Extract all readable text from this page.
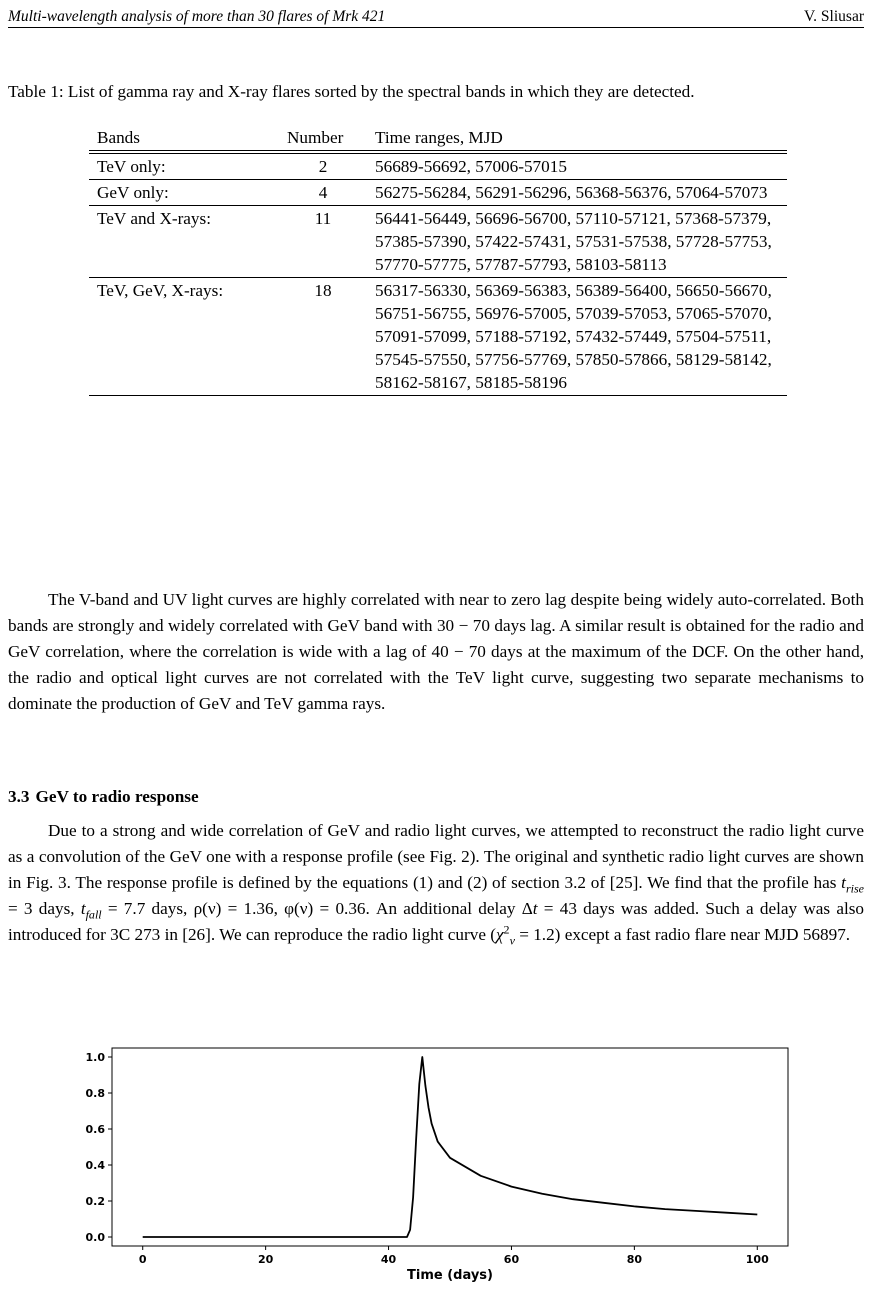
Multi-wavelength analysis of more than 30 flares of Mrk 421	V. Sliusar
Table 1: List of gamma ray and X-ray flares sorted by the spectral bands in which they are detected.
Bands	Number	Time ranges, MJD
TeV only:	2	56689-56692, 57006-57015
GeV only:	4	56275-56284, 56291-56296, 56368-56376, 57064-57073
TeV and X-rays:	11	56441-56449, 56696-56700, 57110-57121, 57368-57379, 57385-57390, 57422-57431, 57531-57538, 57728-57753, 57770-57775, 57787-57793, 58103-58113
TeV, GeV, X-rays:	18	56317-56330, 56369-56383, 56389-56400, 56650-56670, 56751-56755, 56976-57005, 57039-57053, 57065-57070, 57091-57099, 57188-57192, 57432-57449, 57504-57511, 57545-57550, 57756-57769, 57850-57866, 58129-58142, 58162-58167, 58185-58196

The V-band and UV light curves are highly correlated with near to zero lag despite being widely auto-correlated. Both bands are strongly and widely correlated with GeV band with 30 − 70 days lag. A similar result is obtained for the radio and GeV correlation, where the correlation is wide with a lag of 40 − 70 days at the maximum of the DCF. On the other hand, the radio and optical light curves are not correlated with the TeV light curve, suggesting two separate mechanisms to dominate the production of GeV and TeV gamma rays.

3.3 GeV to radio response

Due to a strong and wide correlation of GeV and radio light curves, we attempted to reconstruct the radio light curve as a convolution of the GeV one with a response profile (see Fig. 2). The original and synthetic radio light curves are shown in Fig. 3. The response profile is defined by the equations (1) and (2) of section 3.2 of [25]. We find that the profile has $t_{rise} = 3$ days, $t_{fall} = 7.7$ days, ρ(ν) = 1.36, φ(ν) = 0.36. An additional delay Δt = 43 days was added. Such a delay was also introduced for 3C 273 in [26]. We can reproduce the radio light curve $(\chi^2_\nu = 1.2)$ except a fast radio flare near MJD 56897.

0	20	40	60	80	100
0.0
0.2
0.4
0.6
0.8
1.0
Time (days)
